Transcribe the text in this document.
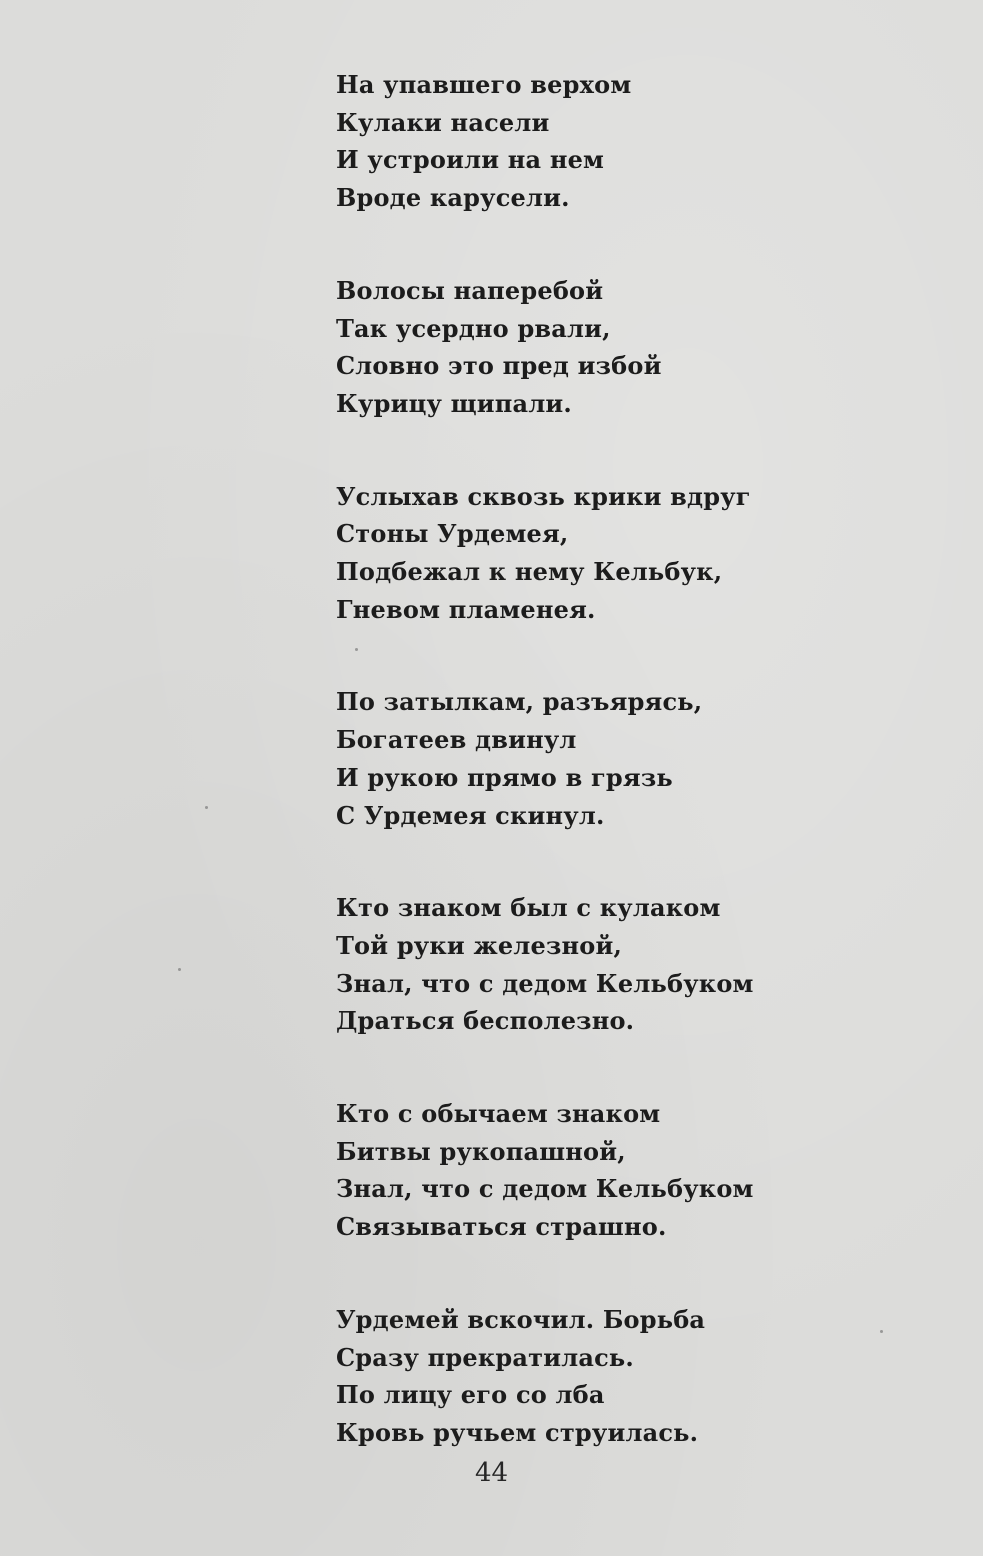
На упавшего верхом
Кулаки насели
И устроили на нем
Вроде карусели.
Волосы наперебой
Так усердно рвали,
Словно это пред избой
Курицу щипали.
Услыхав сквозь крики вдруг
Стоны Урдемея,
Подбежал к нему Кельбук,
Гневом пламенея.
По затылкам, разъярясь,
Богатеев двинул
И рукою прямо в грязь
С Урдемея скинул.
Кто знаком был с кулаком
Той руки железной,
Знал, что с дедом Кельбуком
Драться бесполезно.
Кто с обычаем знаком
Битвы рукопашной,
Знал, что с дедом Кельбуком
Связываться страшно.
Урдемей вскочил. Борьба
Сразу прекратилась.
По лицу его со лба
Кровь ручьем струилась.
44
